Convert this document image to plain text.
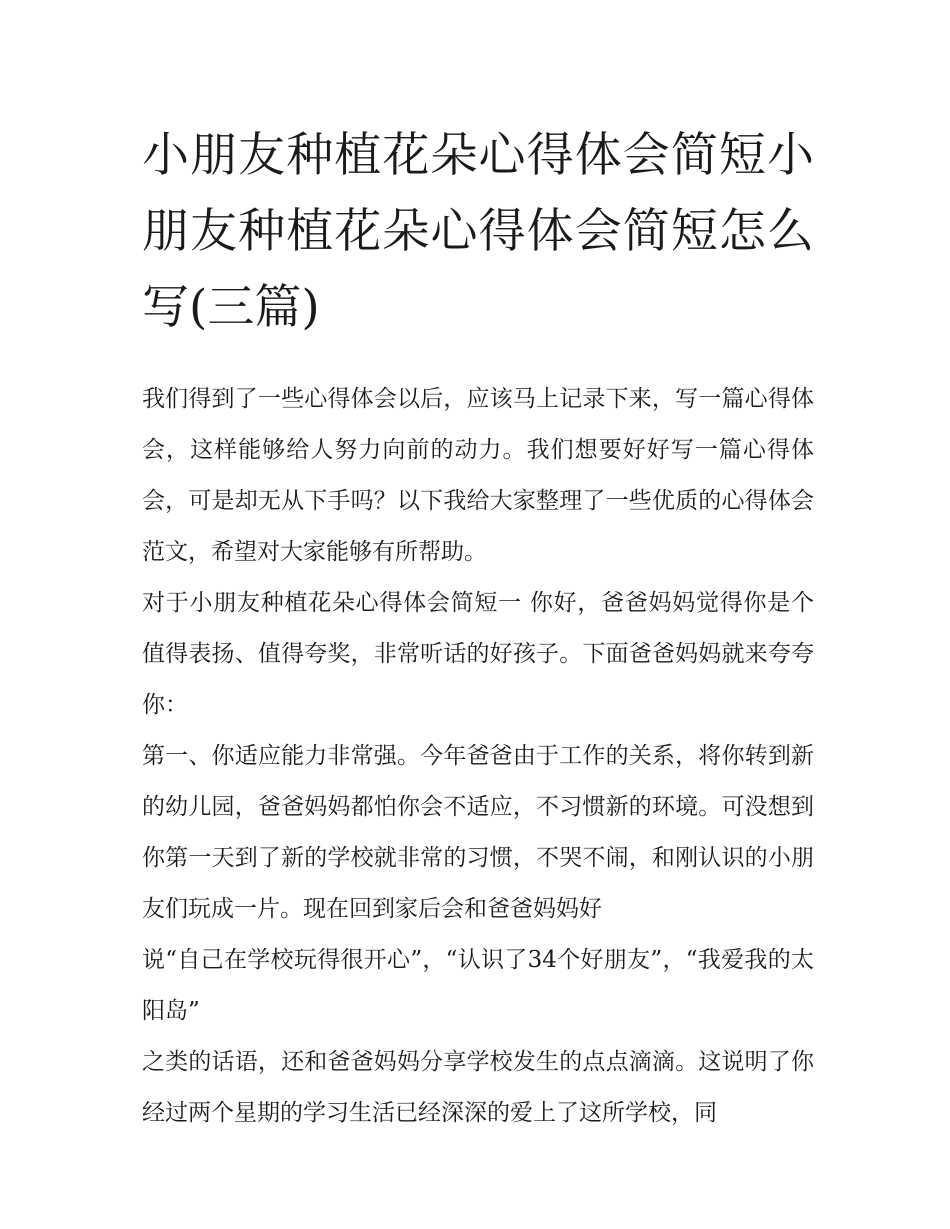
小朋友种植花朵心得体会简短小朋友种植花朵心得体会简短怎么写(三篇)

我们得到了一些心得体会以后，应该马上记录下来，写一篇心得体会，这样能够给人努力向前的动力。我们想要好好写一篇心得体会，可是却无从下手吗？以下我给大家整理了一些优质的心得体会范文，希望对大家能够有所帮助。

对于小朋友种植花朵心得体会简短一 你好，爸爸妈妈觉得你是个值得表扬、值得夸奖，非常听话的好孩子。下面爸爸妈妈就来夸夸你：

第一、你适应能力非常强。今年爸爸由于工作的关系，将你转到新的幼儿园，爸爸妈妈都怕你会不适应，不习惯新的环境。可没想到你第一天到了新的学校就非常的习惯，不哭不闹，和刚认识的小朋友们玩成一片。现在回到家后会和爸爸妈妈好

说“自己在学校玩得很开心”，“认识了34个好朋友”，“我爱我的太阳岛”

之类的话语，还和爸爸妈妈分享学校发生的点点滴滴。这说明了你经过两个星期的学习生活已经深深的爱上了这所学校，同
